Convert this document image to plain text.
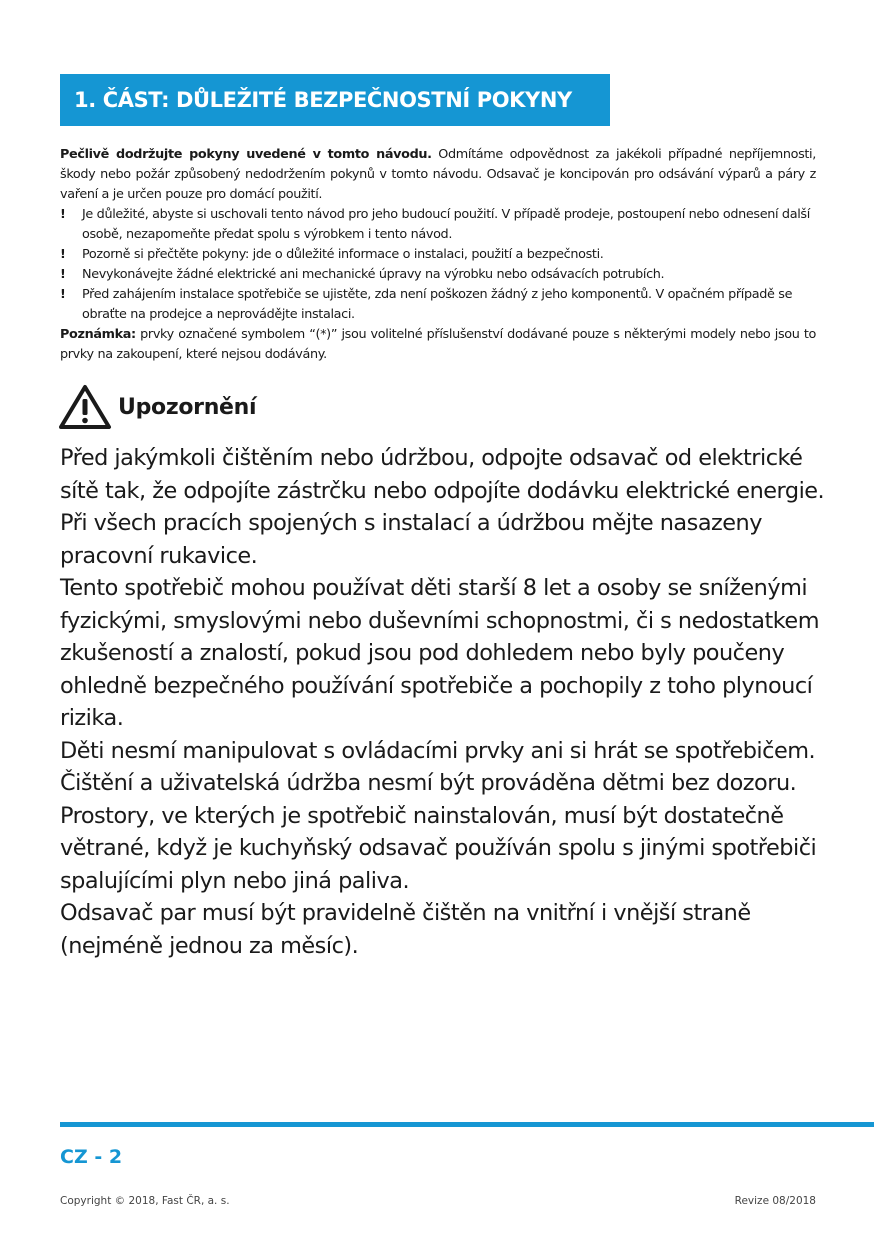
1. ČÁST: DŮLEŽITÉ BEZPEČNOSTNÍ POKYNY

Pečlivě dodržujte pokyny uvedené v tomto návodu. Odmítáme odpovědnost za jakékoli případné nepříjemnosti, škody nebo požár způsobený nedodržením pokynů v tomto návodu. Odsavač je koncipován pro odsávání výparů a páry z vaření a je určen pouze pro domácí použití.

! Je důležité, abyste si uschovali tento návod pro jeho budoucí použití. V případě prodeje, postoupení nebo odnesení další osobě, nezapomeňte předat spolu s výrobkem i tento návod.
! Pozorně si přečtěte pokyny: jde o důležité informace o instalaci, použití a bezpečnosti.
! Nevykonávejte žádné elektrické ani mechanické úpravy na výrobku nebo odsávacích potrubích.
! Před zahájením instalace spotřebiče se ujistěte, zda není poškozen žádný z jeho komponentů. V opačném případě se obraťte na prodejce a neprovádějte instalaci.

Poznámka: prvky označené symbolem “(*)” jsou volitelné příslušenství dodávané pouze s některými modely nebo jsou to prvky na zakoupení, které nejsou dodávány.

Upozornění

Před jakýmkoli čištěním nebo údržbou, odpojte odsavač od elektrické sítě tak, že odpojíte zástrčku nebo odpojíte dodávku elektrické energie.

Při všech pracích spojených s instalací a údržbou mějte nasazeny pracovní rukavice.

Tento spotřebič mohou používat děti starší 8 let a osoby se sníženými fyzickými, smyslovými nebo duševními schopnostmi, či s nedostatkem zkušeností a znalostí, pokud jsou pod dohledem nebo byly poučeny ohledně bezpečného používání spotřebiče a pochopily z toho plynoucí rizika.

Děti nesmí manipulovat s ovládacími prvky ani si hrát se spotřebičem.

Čištění a uživatelská údržba nesmí být prováděna dětmi bez dozoru.

Prostory, ve kterých je spotřebič nainstalován, musí být dostatečně větrané, když je kuchyňský odsavač používán spolu s jinými spotřebiči spalujícími plyn nebo jiná paliva.

Odsavač par musí být pravidelně čištěn na vnitřní i vnější straně (nejméně jednou za měsíc).

CZ - 2
Copyright © 2018, Fast ČR, a. s.	Revize 08/2018
